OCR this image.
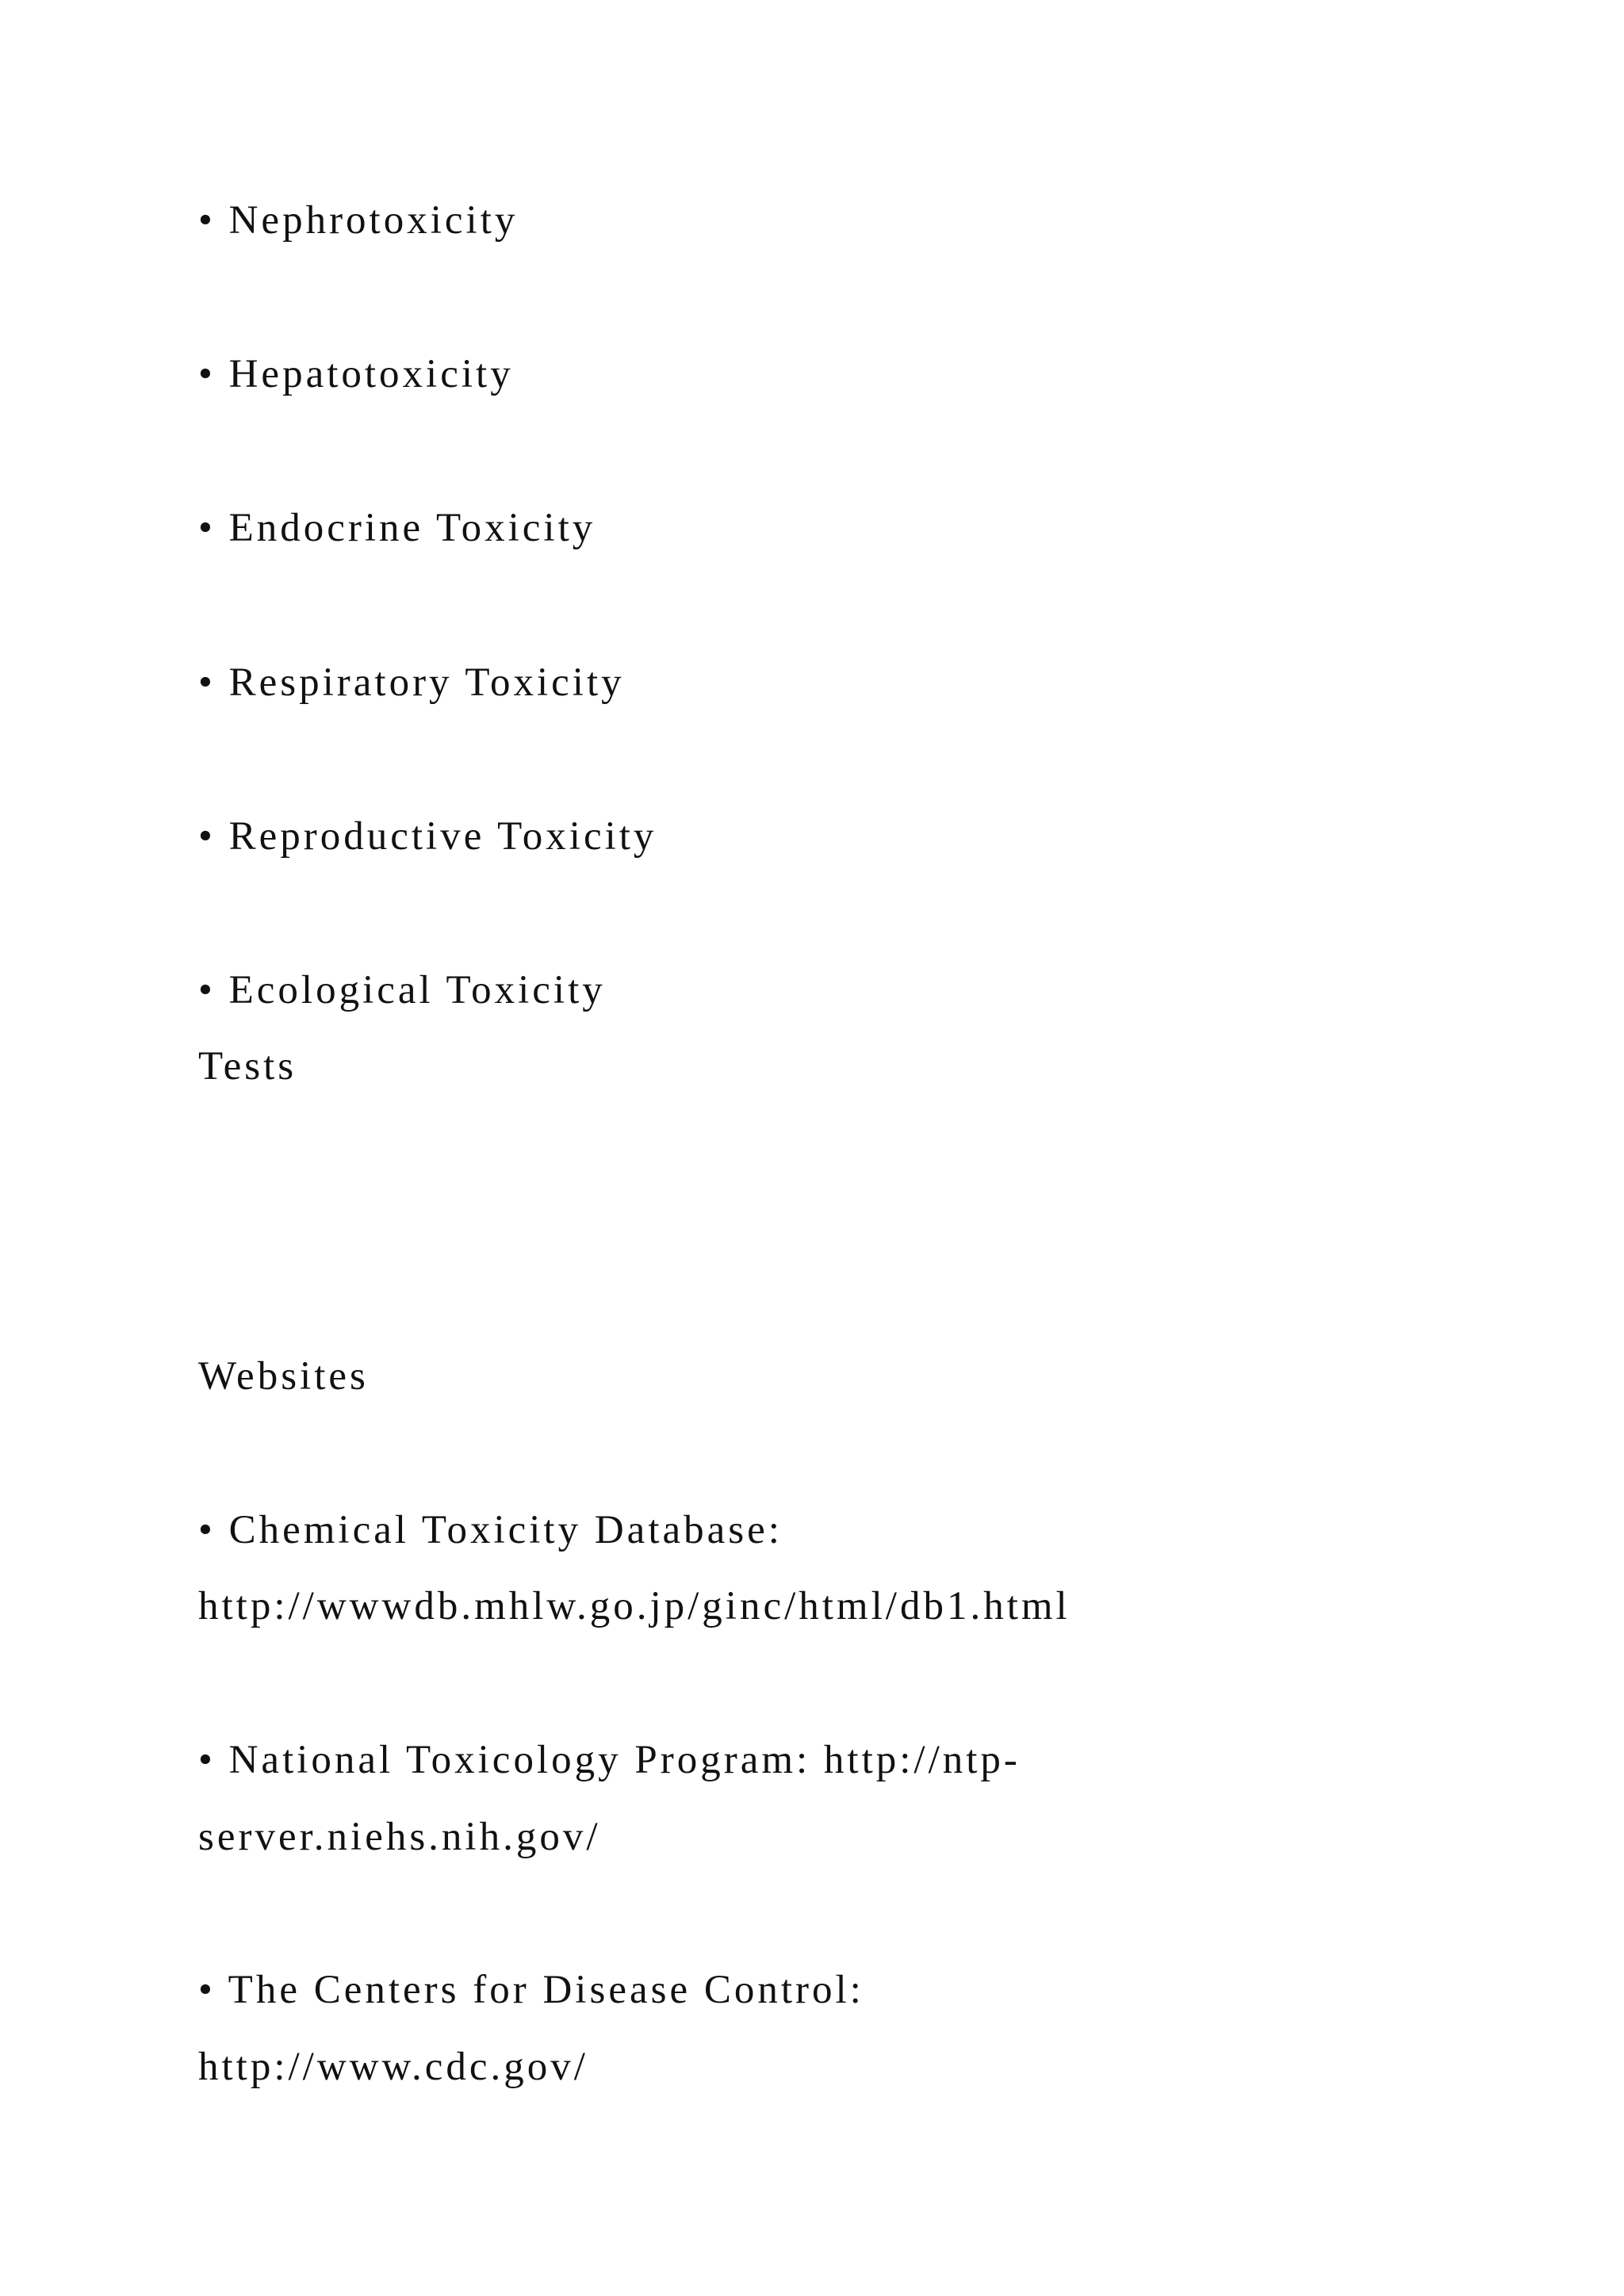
• Nephrotoxicity
• Hepatotoxicity
• Endocrine Toxicity
• Respiratory Toxicity
• Reproductive Toxicity
• Ecological Toxicity
Tests
Websites
• Chemical Toxicity Database:
http://wwwdb.mhlw.go.jp/ginc/html/db1.html
• National Toxicology Program: http://ntp-
server.niehs.nih.gov/
• The Centers for Disease Control:
http://www.cdc.gov/
